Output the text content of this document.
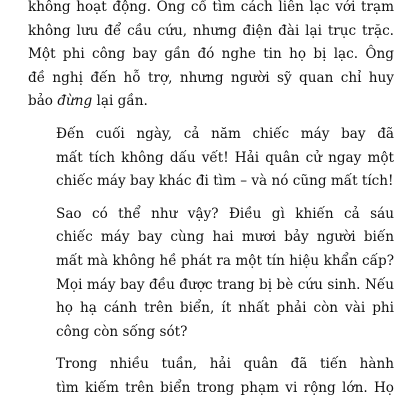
không hoạt động. Ông cố tìm cách liên lạc với trạm
không lưu để cầu cứu, nhưng điện đài lại trục trặc.
Một phi công bay gần đó nghe tin họ bị lạc. Ông
đề nghị đến hỗ trợ, nhưng người sỹ quan chỉ huy
bảo đừng lại gần.

Đến cuối ngày, cả năm chiếc máy bay đã
mất tích không dấu vết! Hải quân cử ngay một
chiếc máy bay khác đi tìm – và nó cũng mất tích!

Sao có thể như vậy? Điều gì khiến cả sáu
chiếc máy bay cùng hai mươi bảy người biến
mất mà không hề phát ra một tín hiệu khẩn cấp?
Mọi máy bay đều được trang bị bè cứu sinh. Nếu
họ hạ cánh trên biển, ít nhất phải còn vài phi
công còn sống sót?

Trong nhiều tuần, hải quân đã tiến hành
tìm kiếm trên biển trong phạm vi rộng lớn. Họ
